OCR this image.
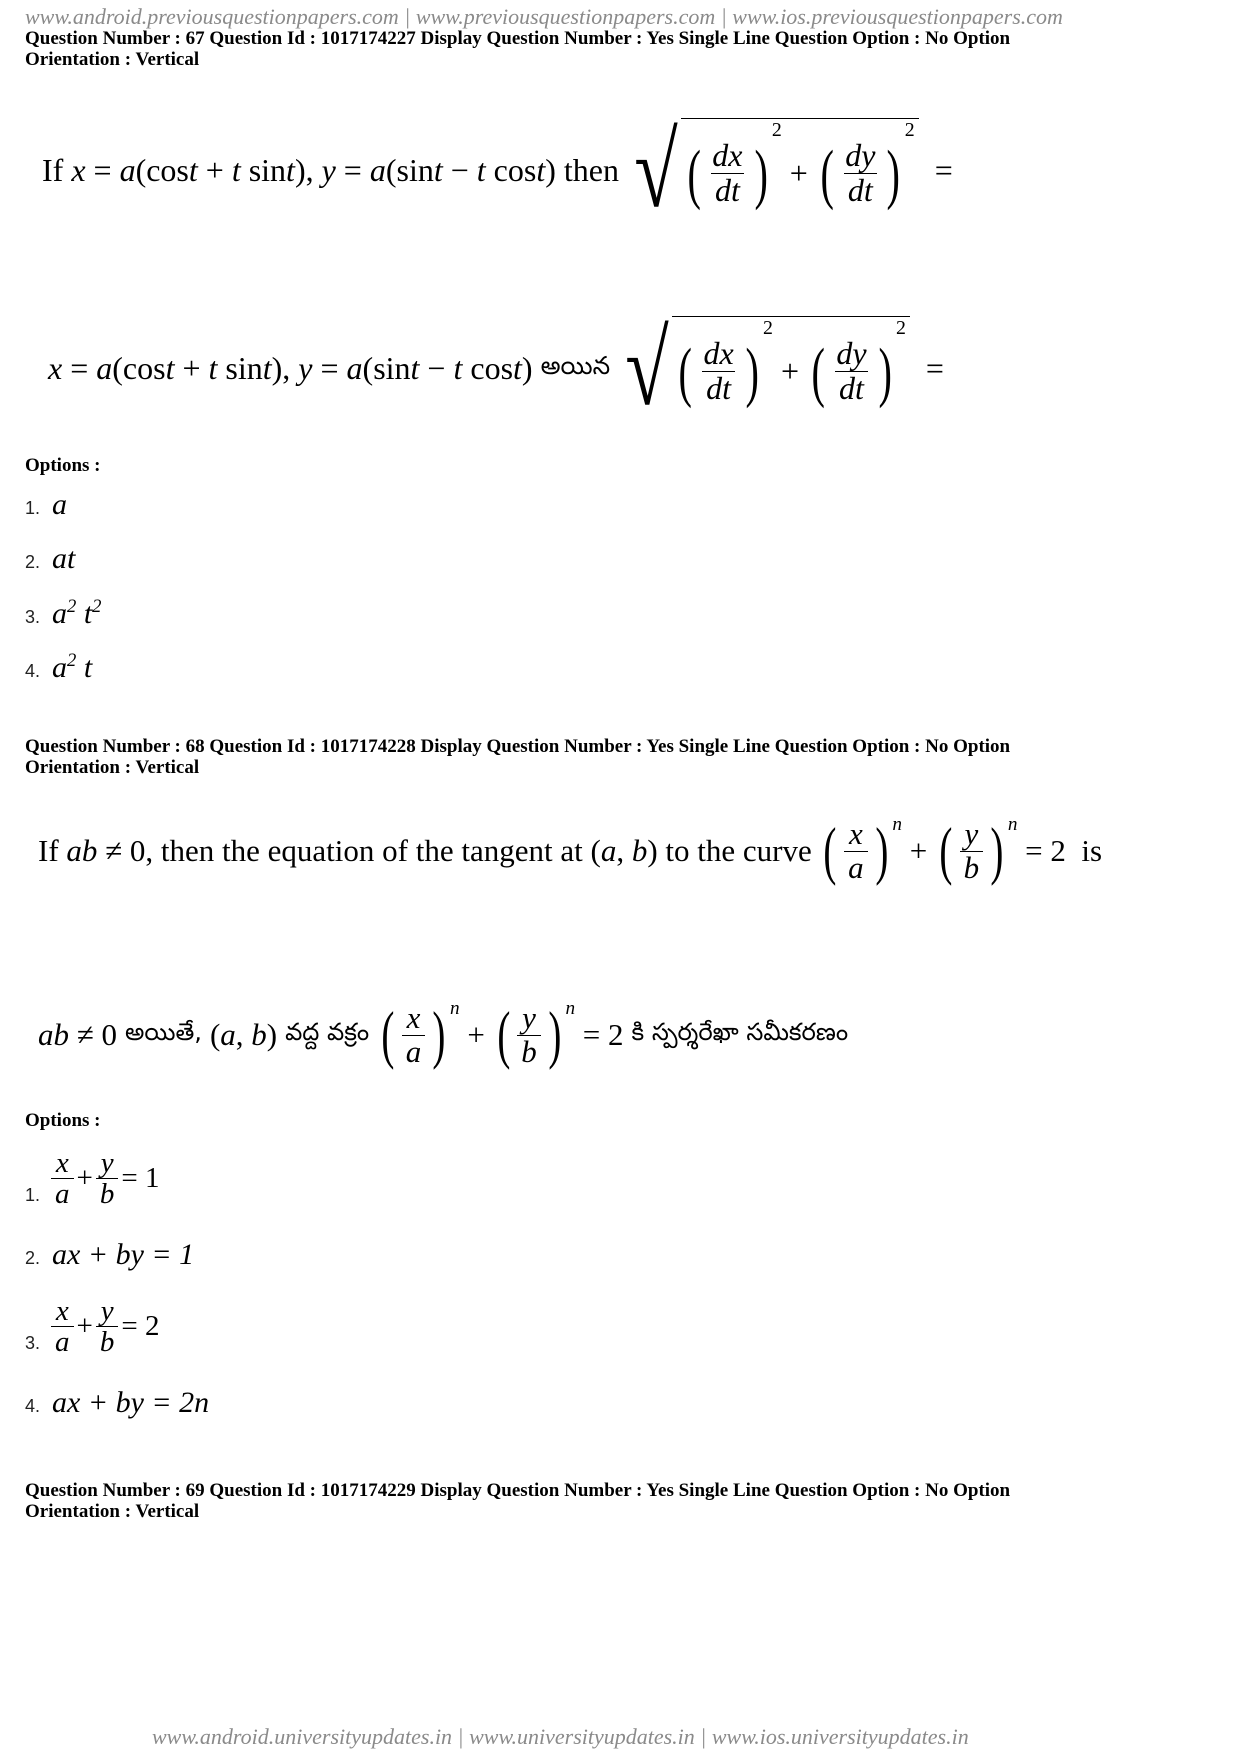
www.android.previousquestionpapers.com | www.previousquestionpapers.com | www.ios.previousquestionpapers.com
Question Number : 67 Question Id : 1017174227 Display Question Number : Yes Single Line Question Option : No Option
Orientation : Vertical
If
x = a (cos t + t sin t ), y = a (sin t − t cos t ) then
√ ( $\frac{dx}{dt}$ )
2
+ ( $\frac{dy}{dt}$ )
2

=
x = a (cos t + t sin t ), y = a (sin t − t cos t ) అయిన √ ( $\frac{dx}{dt}$ )
2
+ ( $\frac{dy}{dt}$ )
2

=
Options :
1. a
2. at
3. $a^2$ $t^2$
4. $a^2$ t
Question Number : 68 Question Id : 1017174228 Display Question Number : Yes Single Line Question Option : No Option
Orientation : Vertical
If
ab ≠ 0 , then the equation of the tangent at ( a , b ) to the curve
( $\frac{x}{a}$ ) n
+ ( $\frac{y}{b}$ ) n
= 2 is
ab ≠ 0 అయితే, ( a , b ) వద్ద వక్రం ( $\frac{x}{a}$ ) n
+ ( $\frac{y}{b}$ ) n
= 2 కి స్పర్శరేఖా సమీకరణం
Options :
1. $\frac{x}{a} + \frac{y}{b} = 1$
2. ax + by = 1
3. $\frac{x}{a} + \frac{y}{b} = 2$
4. ax + by = 2n
Question Number : 69 Question Id : 1017174229 Display Question Number : Yes Single Line Question Option : No Option
Orientation : Vertical
www.android.universityupdates.in | www.universityupdates.in | www.ios.universityupdates.in
